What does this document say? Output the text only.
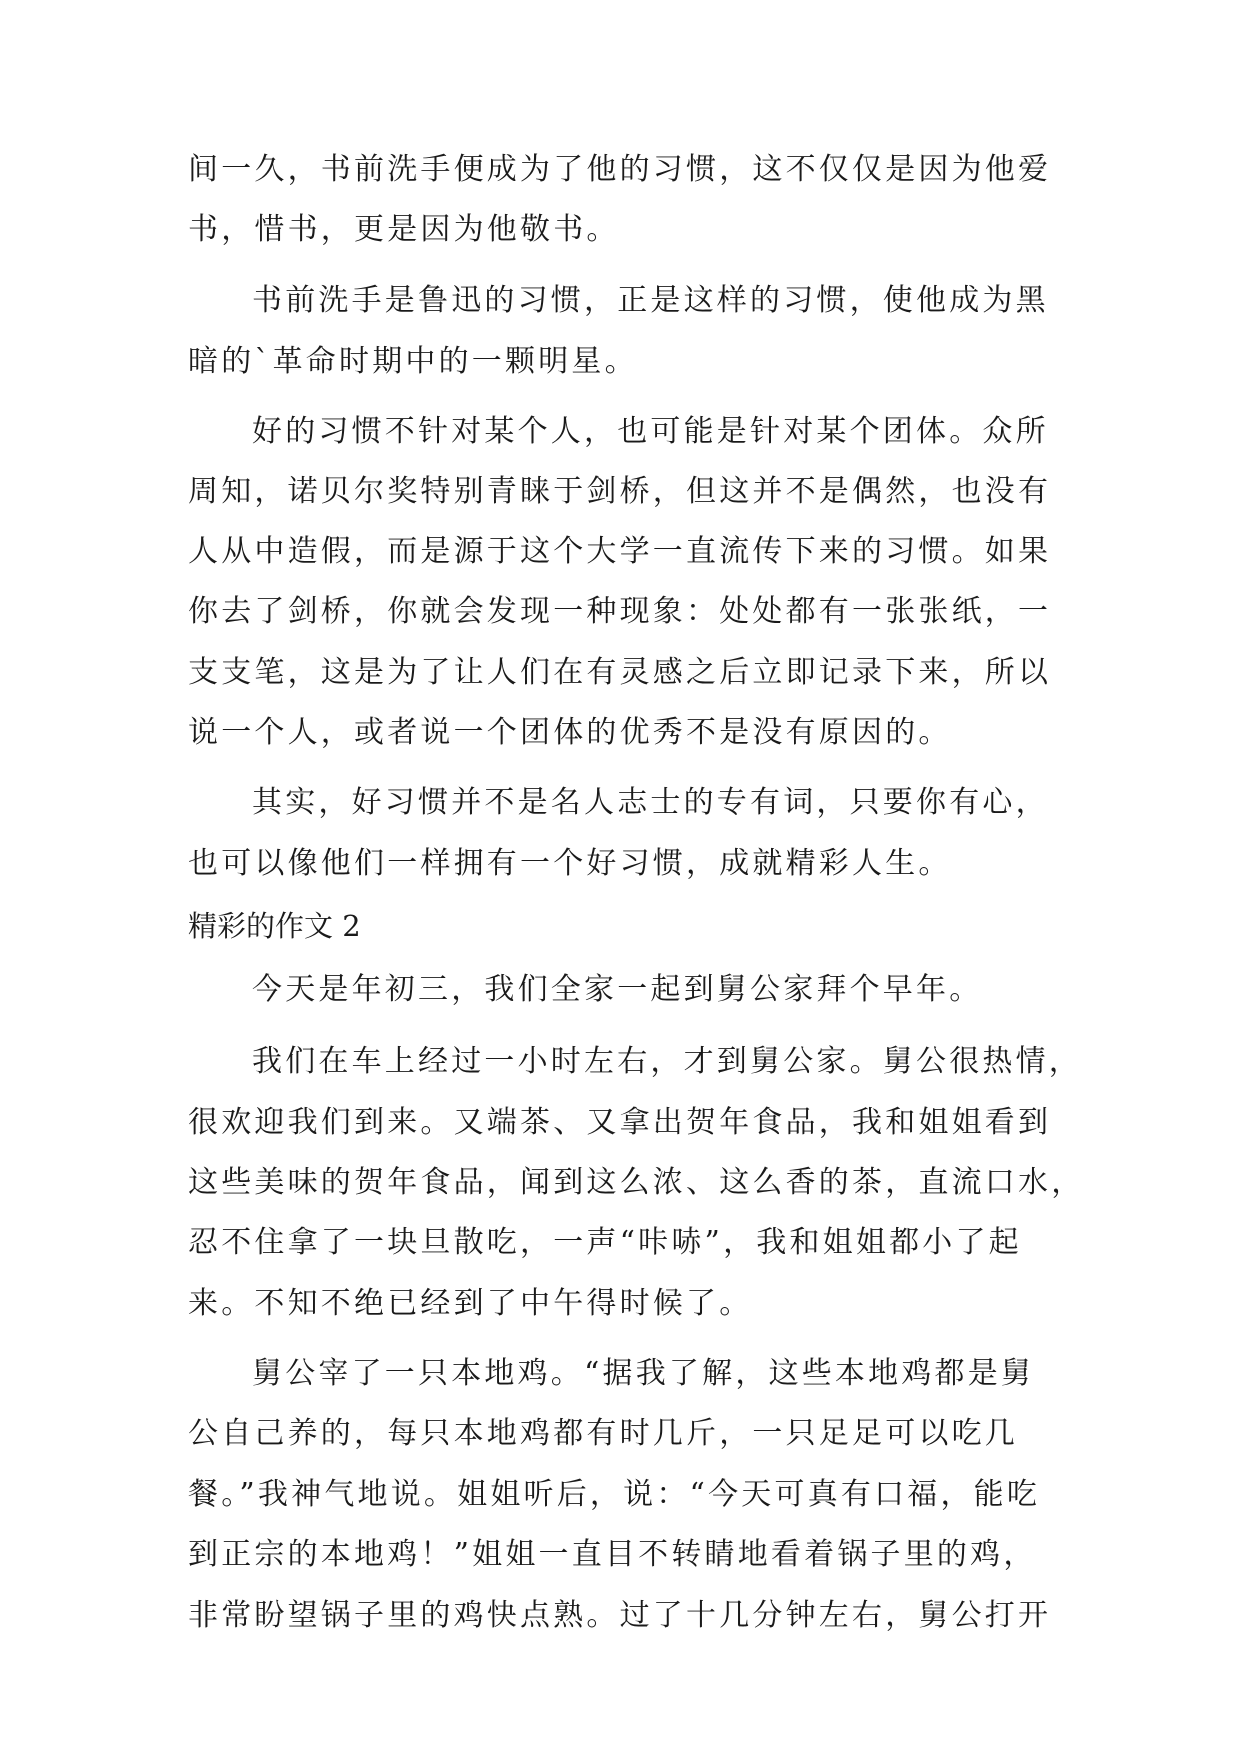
间一久，书前洗手便成为了他的习惯，这不仅仅是因为他爱
书，惜书，更是因为他敬书。
书前洗手是鲁迅的习惯，正是这样的习惯，使他成为黑
暗的`革命时期中的一颗明星。
好的习惯不针对某个人，也可能是针对某个团体。众所
周知，诺贝尔奖特别青睐于剑桥，但这并不是偶然，也没有
人从中造假，而是源于这个大学一直流传下来的习惯。如果
你去了剑桥，你就会发现一种现象：处处都有一张张纸，一
支支笔，这是为了让人们在有灵感之后立即记录下来，所以
说一个人，或者说一个团体的优秀不是没有原因的。
其实，好习惯并不是名人志士的专有词，只要你有心，
也可以像他们一样拥有一个好习惯，成就精彩人生。
精彩的作文 2
今天是年初三，我们全家一起到舅公家拜个早年。
我们在车上经过一小时左右，才到舅公家。舅公很热情，
很欢迎我们到来。又端茶、又拿出贺年食品，我和姐姐看到
这些美味的贺年食品，闻到这么浓、这么香的茶，直流口水，
忍不住拿了一块旦散吃，一声“咔哧”，我和姐姐都小了起
来。不知不绝已经到了中午得时候了。
舅公宰了一只本地鸡。“据我了解，这些本地鸡都是舅
公自己养的，每只本地鸡都有时几斤，一只足足可以吃几
餐。”我神气地说。姐姐听后，说：“今天可真有口福，能吃
到正宗的本地鸡！”姐姐一直目不转睛地看着锅子里的鸡，
非常盼望锅子里的鸡快点熟。过了十几分钟左右，舅公打开
